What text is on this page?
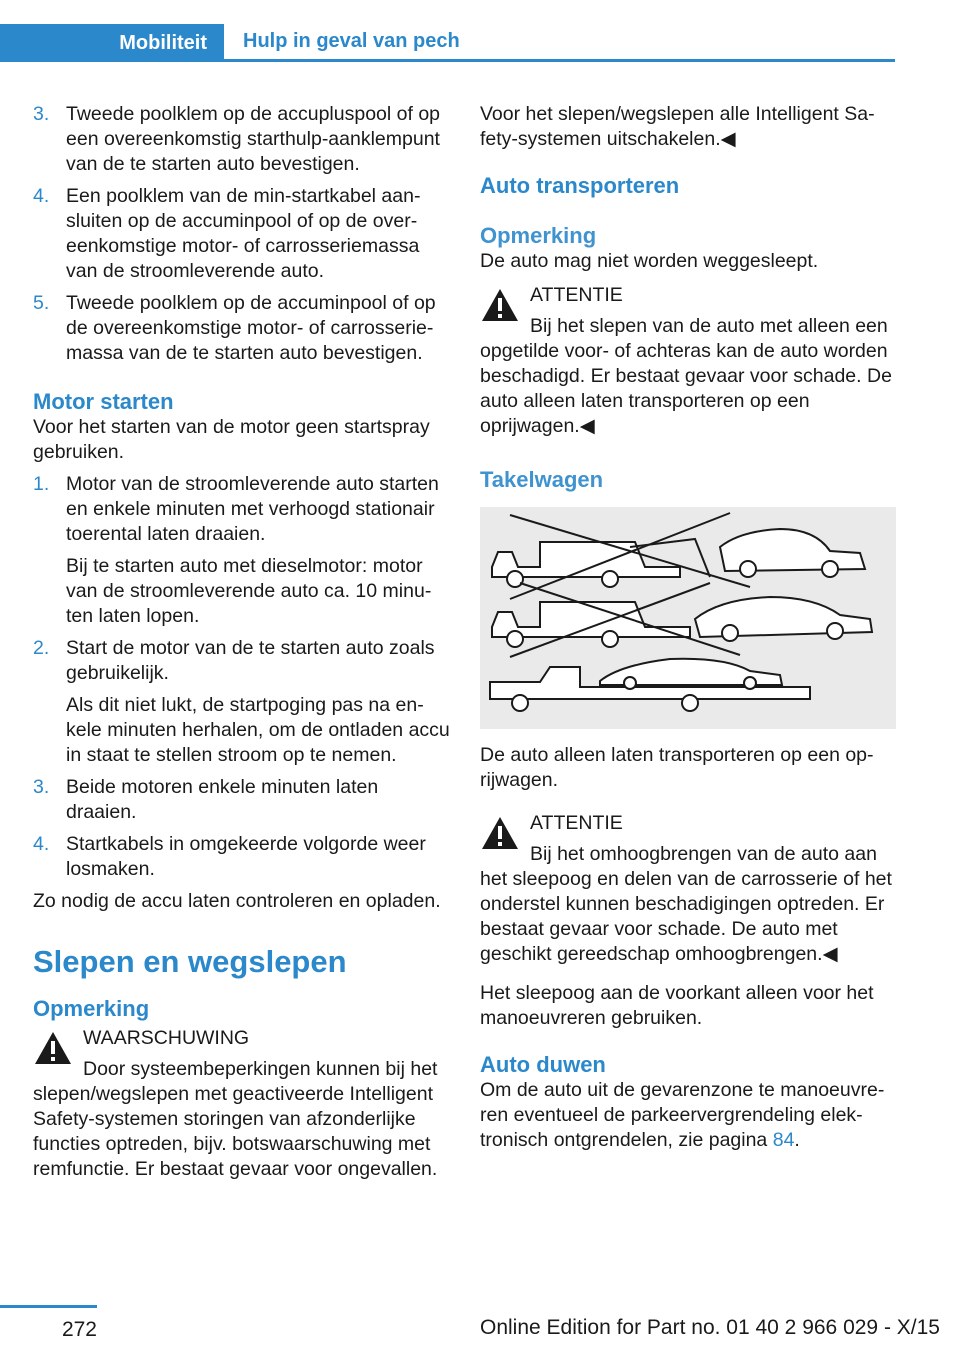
Mobiliteit	Hulp in geval van pech
3. Tweede poolklem op de accupluspool of op een overeenkomstig starthulp-aanklempunt van de te starten auto bevestigen.

4. Een poolklem van de min-startkabel aansluiten op de accuminpool of op de overeenkomstige motor- of carrosseriemassa van de stroomleverende auto.

5. Tweede poolklem op de accuminpool of op de overeenkomstige motor- of carrosseriemassa van de te starten auto bevestigen.

Motor starten

Voor het starten van de motor geen startspray gebruiken.

1. Motor van de stroomleverende auto starten en enkele minuten met verhoogd stationair toerental laten draaien.

Bij te starten auto met dieselmotor: motor van de stroomleverende auto ca. 10 minuten laten lopen.

2. Start de motor van de te starten auto zoals gebruikelijk.

Als dit niet lukt, de startpoging pas na enkele minuten herhalen, om de ontladen accu in staat te stellen stroom op te nemen.

3. Beide motoren enkele minuten laten draaien.

4. Startkabels in omgekeerde volgorde weer losmaken.

Zo nodig de accu laten controleren en opladen.

Slepen en wegslepen
Opmerking

WAARSCHUWING

Door systeembeperkingen kunnen bij het

slepen/wegslepen met geactiveerde Intelligent Safety-systemen storingen van afzonderlijke functies optreden, bijv. botswaarschuwing met remfunctie. Er bestaat gevaar voor ongevallen.

Voor het slepen/wegslepen alle Intelligent Safety-systemen uitschakelen.◀

Auto transporteren
Opmerking

De auto mag niet worden weggesleept.

ATTENTIE

Bij het slepen van de auto met alleen een

opgetilde voor- of achteras kan de auto worden beschadigd. Er bestaat gevaar voor schade. De auto alleen laten transporteren op een oprijwagen.◀

Takelwagen

De auto alleen laten transporteren op een oprijwagen.

ATTENTIE

Bij het omhoogbrengen van de auto aan

het sleepoog en delen van de carrosserie of het onderstel kunnen beschadigingen optreden. Er bestaat gevaar voor schade. De auto met geschikt gereedschap omhoogbrengen.◀

Het sleepoog aan de voorkant alleen voor het manoeuvreren gebruiken.

Auto duwen

Om de auto uit de gevarenzone te manoeuvreren eventueel de parkeervergrendeling elektronisch ontgrendelen, zie pagina 84.

272	Online Edition for Part no. 01 40 2 966 029 - X/15
